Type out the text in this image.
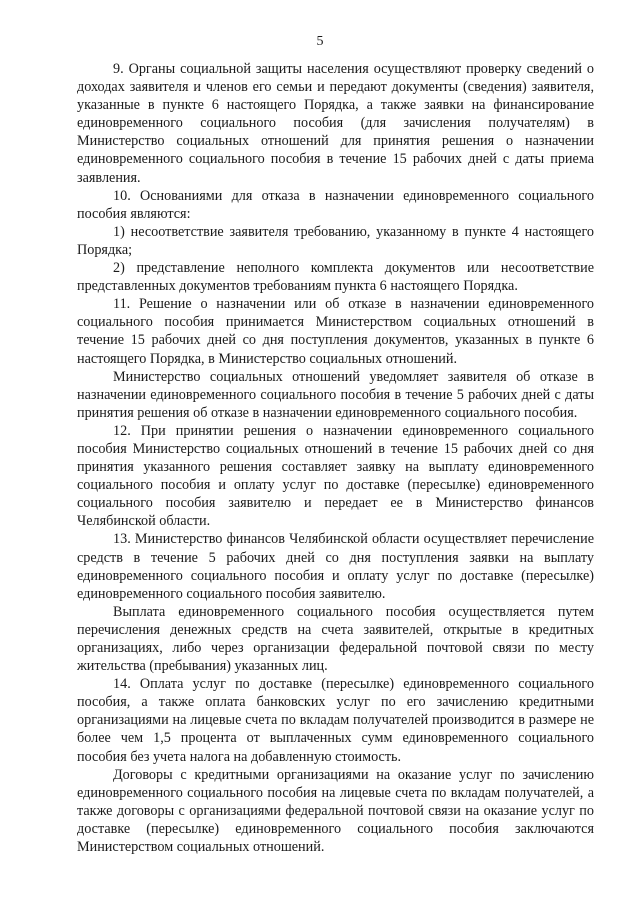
5

9. Органы социальной защиты населения осуществляют проверку сведений о доходах заявителя и членов его семьи и передают документы (сведения) заявителя, указанные в пункте 6 настоящего Порядка, а также заявки на финансирование единовременного социального пособия (для зачисления получателям) в Министерство социальных отношений для принятия решения о назначении единовременного социального пособия в течение 15 рабочих дней с даты приема заявления.

10. Основаниями для отказа в назначении единовременного социального пособия являются:

1) несоответствие заявителя требованию, указанному в пункте 4 настоящего Порядка;

2) представление неполного комплекта документов или несоответствие представленных документов требованиям пункта 6 настоящего Порядка.

11. Решение о назначении или об отказе в назначении единовременного социального пособия принимается Министерством социальных отношений в течение 15 рабочих дней со дня поступления документов, указанных в пункте 6 настоящего Порядка, в Министерство социальных отношений.

Министерство социальных отношений уведомляет заявителя об отказе в назначении единовременного социального пособия в течение 5 рабочих дней с даты принятия решения об отказе в назначении единовременного социального пособия.

12. При принятии решения о назначении единовременного социального пособия Министерство социальных отношений в течение 15 рабочих дней со дня принятия указанного решения составляет заявку на выплату единовременного социального пособия и оплату услуг по доставке (пересылке) единовременного социального пособия заявителю и передает ее в Министерство финансов Челябинской области.

13. Министерство финансов Челябинской области осуществляет перечисление средств в течение 5 рабочих дней со дня поступления заявки на выплату единовременного социального пособия и оплату услуг по доставке (пересылке) единовременного социального пособия заявителю.

Выплата единовременного социального пособия осуществляется путем перечисления денежных средств на счета заявителей, открытые в кредитных организациях, либо через организации федеральной почтовой связи по месту жительства (пребывания) указанных лиц.

14. Оплата услуг по доставке (пересылке) единовременного социального пособия, а также оплата банковских услуг по его зачислению кредитными организациями на лицевые счета по вкладам получателей производится в размере не более чем 1,5 процента от выплаченных сумм единовременного социального пособия без учета налога на добавленную стоимость.

Договоры с кредитными организациями на оказание услуг по зачислению единовременного социального пособия на лицевые счета по вкладам получателей, а также договоры с организациями федеральной почтовой связи на оказание услуг по доставке (пересылке) единовременного социального пособия заключаются Министерством социальных отношений.
